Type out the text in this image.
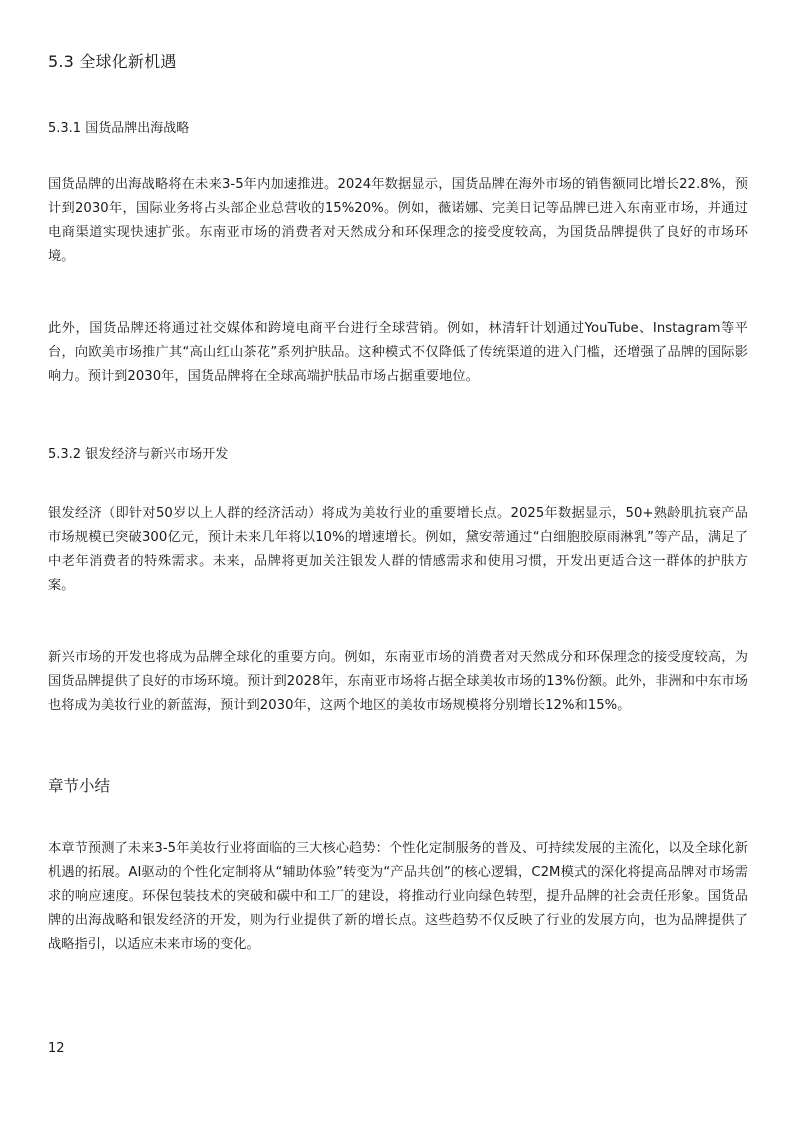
5.3 全球化新机遇
5.3.1 国货品牌出海战略

国货品牌的出海战略将在未来3-5年内加速推进。2024年数据显示，国货品牌在海外市场的销售额同比增长22.8%，预计到2030年，国际业务将占头部企业总营收的15%20%。例如，薇诺娜、完美日记等品牌已进入东南亚市场，并通过电商渠道实现快速扩张。东南亚市场的消费者对天然成分和环保理念的接受度较高，为国货品牌提供了良好的市场环境。

此外，国货品牌还将通过社交媒体和跨境电商平台进行全球营销。例如，林清轩计划通过YouTube、Instagram等平台，向欧美市场推广其“高山红山茶花”系列护肤品。这种模式不仅降低了传统渠道的进入门槛，还增强了品牌的国际影响力。预计到2030年，国货品牌将在全球高端护肤品市场占据重要地位。

5.3.2 银发经济与新兴市场开发

银发经济（即针对50岁以上人群的经济活动）将成为美妆行业的重要增长点。2025年数据显示，50+熟龄肌抗衰产品市场规模已突破300亿元，预计未来几年将以10%的增速增长。例如，黛安蒂通过“白细胞胶原雨淋乳”等产品，满足了中老年消费者的特殊需求。未来，品牌将更加关注银发人群的情感需求和使用习惯，开发出更适合这一群体的护肤方案。

新兴市场的开发也将成为品牌全球化的重要方向。例如，东南亚市场的消费者对天然成分和环保理念的接受度较高，为国货品牌提供了良好的市场环境。预计到2028年，东南亚市场将占据全球美妆市场的13%份额。此外，非洲和中东市场也将成为美妆行业的新蓝海，预计到2030年，这两个地区的美妆市场规模将分别增长12%和15%。

章节小结

本章节预测了未来3-5年美妆行业将面临的三大核心趋势：个性化定制服务的普及、可持续发展的主流化，以及全球化新机遇的拓展。AI驱动的个性化定制将从“辅助体验”转变为“产品共创”的核心逻辑，C2M模式的深化将提高品牌对市场需求的响应速度。环保包装技术的突破和碳中和工厂的建设，将推动行业向绿色转型，提升品牌的社会责任形象。国货品牌的出海战略和银发经济的开发，则为行业提供了新的增长点。这些趋势不仅反映了行业的发展方向，也为品牌提供了战略指引，以适应未来市场的变化。

12
